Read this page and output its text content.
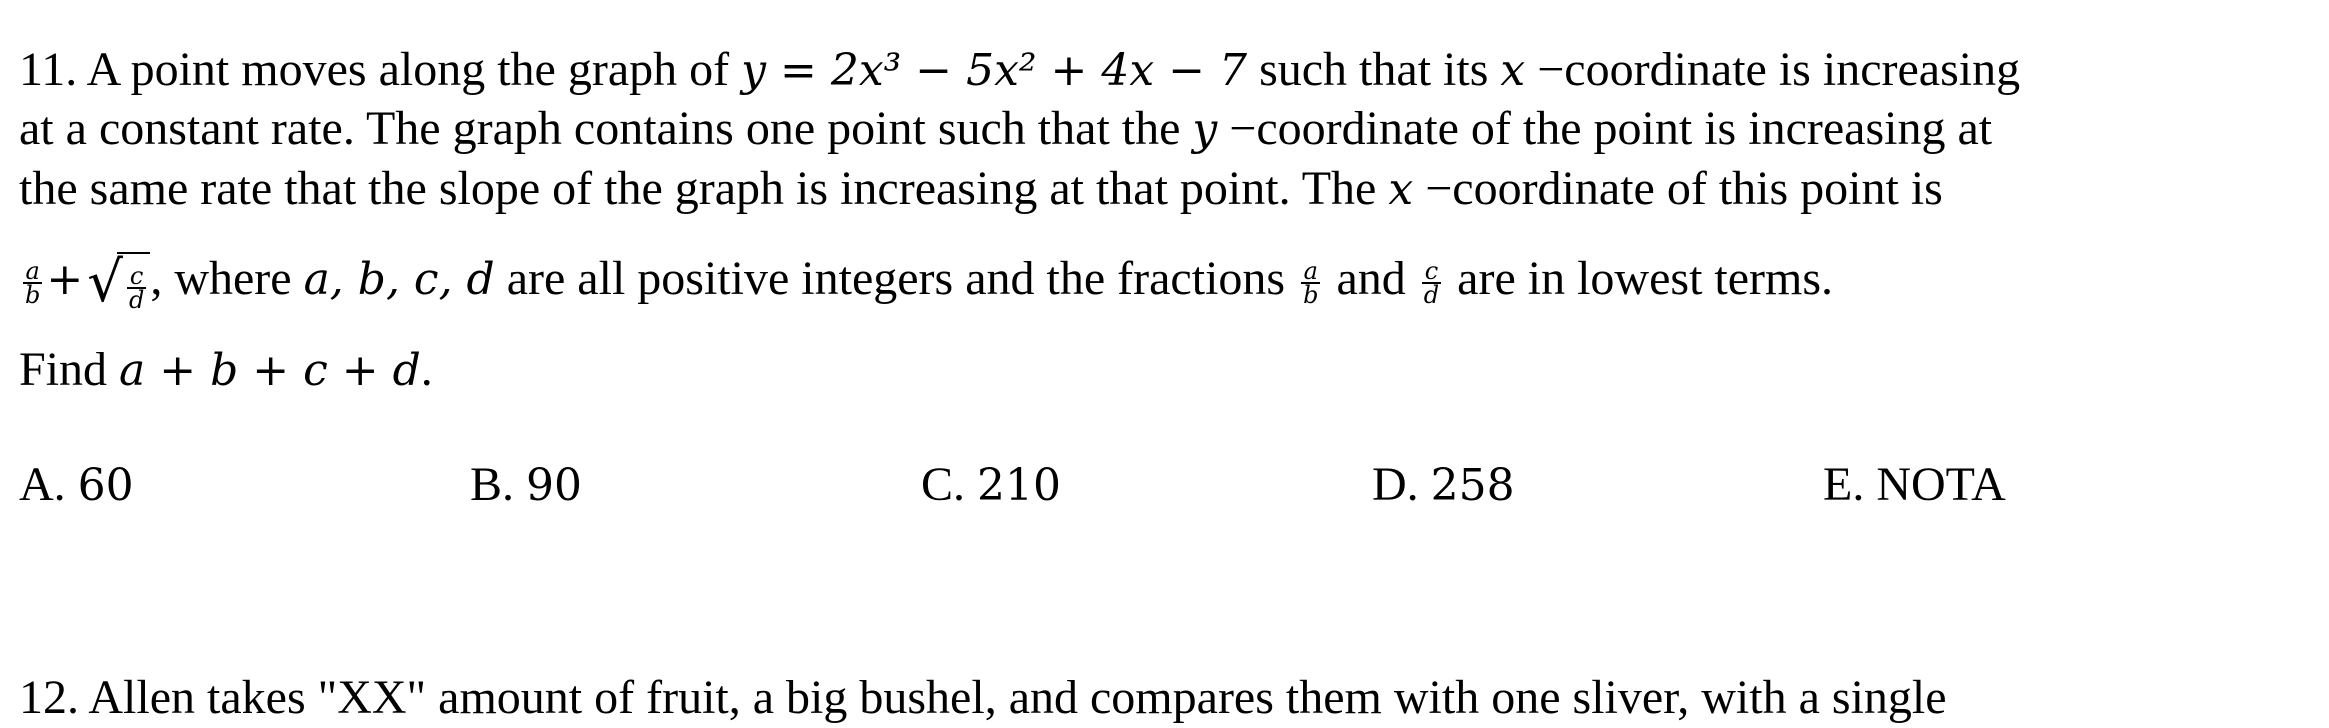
11. A point moves along the graph of y = 2x³ − 5x² + 4x − 7 such that its x −coordinate is increasing
at a constant rate. The graph contains one point such that the y −coordinate of the point is increasing at
the same rate that the slope of the graph is increasing at that point. The x −coordinate of this point is
$\frac{a}{b}$ +√ $\frac{c}{d}$ , where a, b, c, d are all positive integers and the fractions $\frac{a}{b}$ and $\frac{c}{d}$ are in lowest terms.
Find a + b + c + d.
A. 60	B. 90	C. 210	D. 258	E. NOTA
12. Allen takes "XX" amount of fruit, a big bushel, and compares them with one sliver, with a single
